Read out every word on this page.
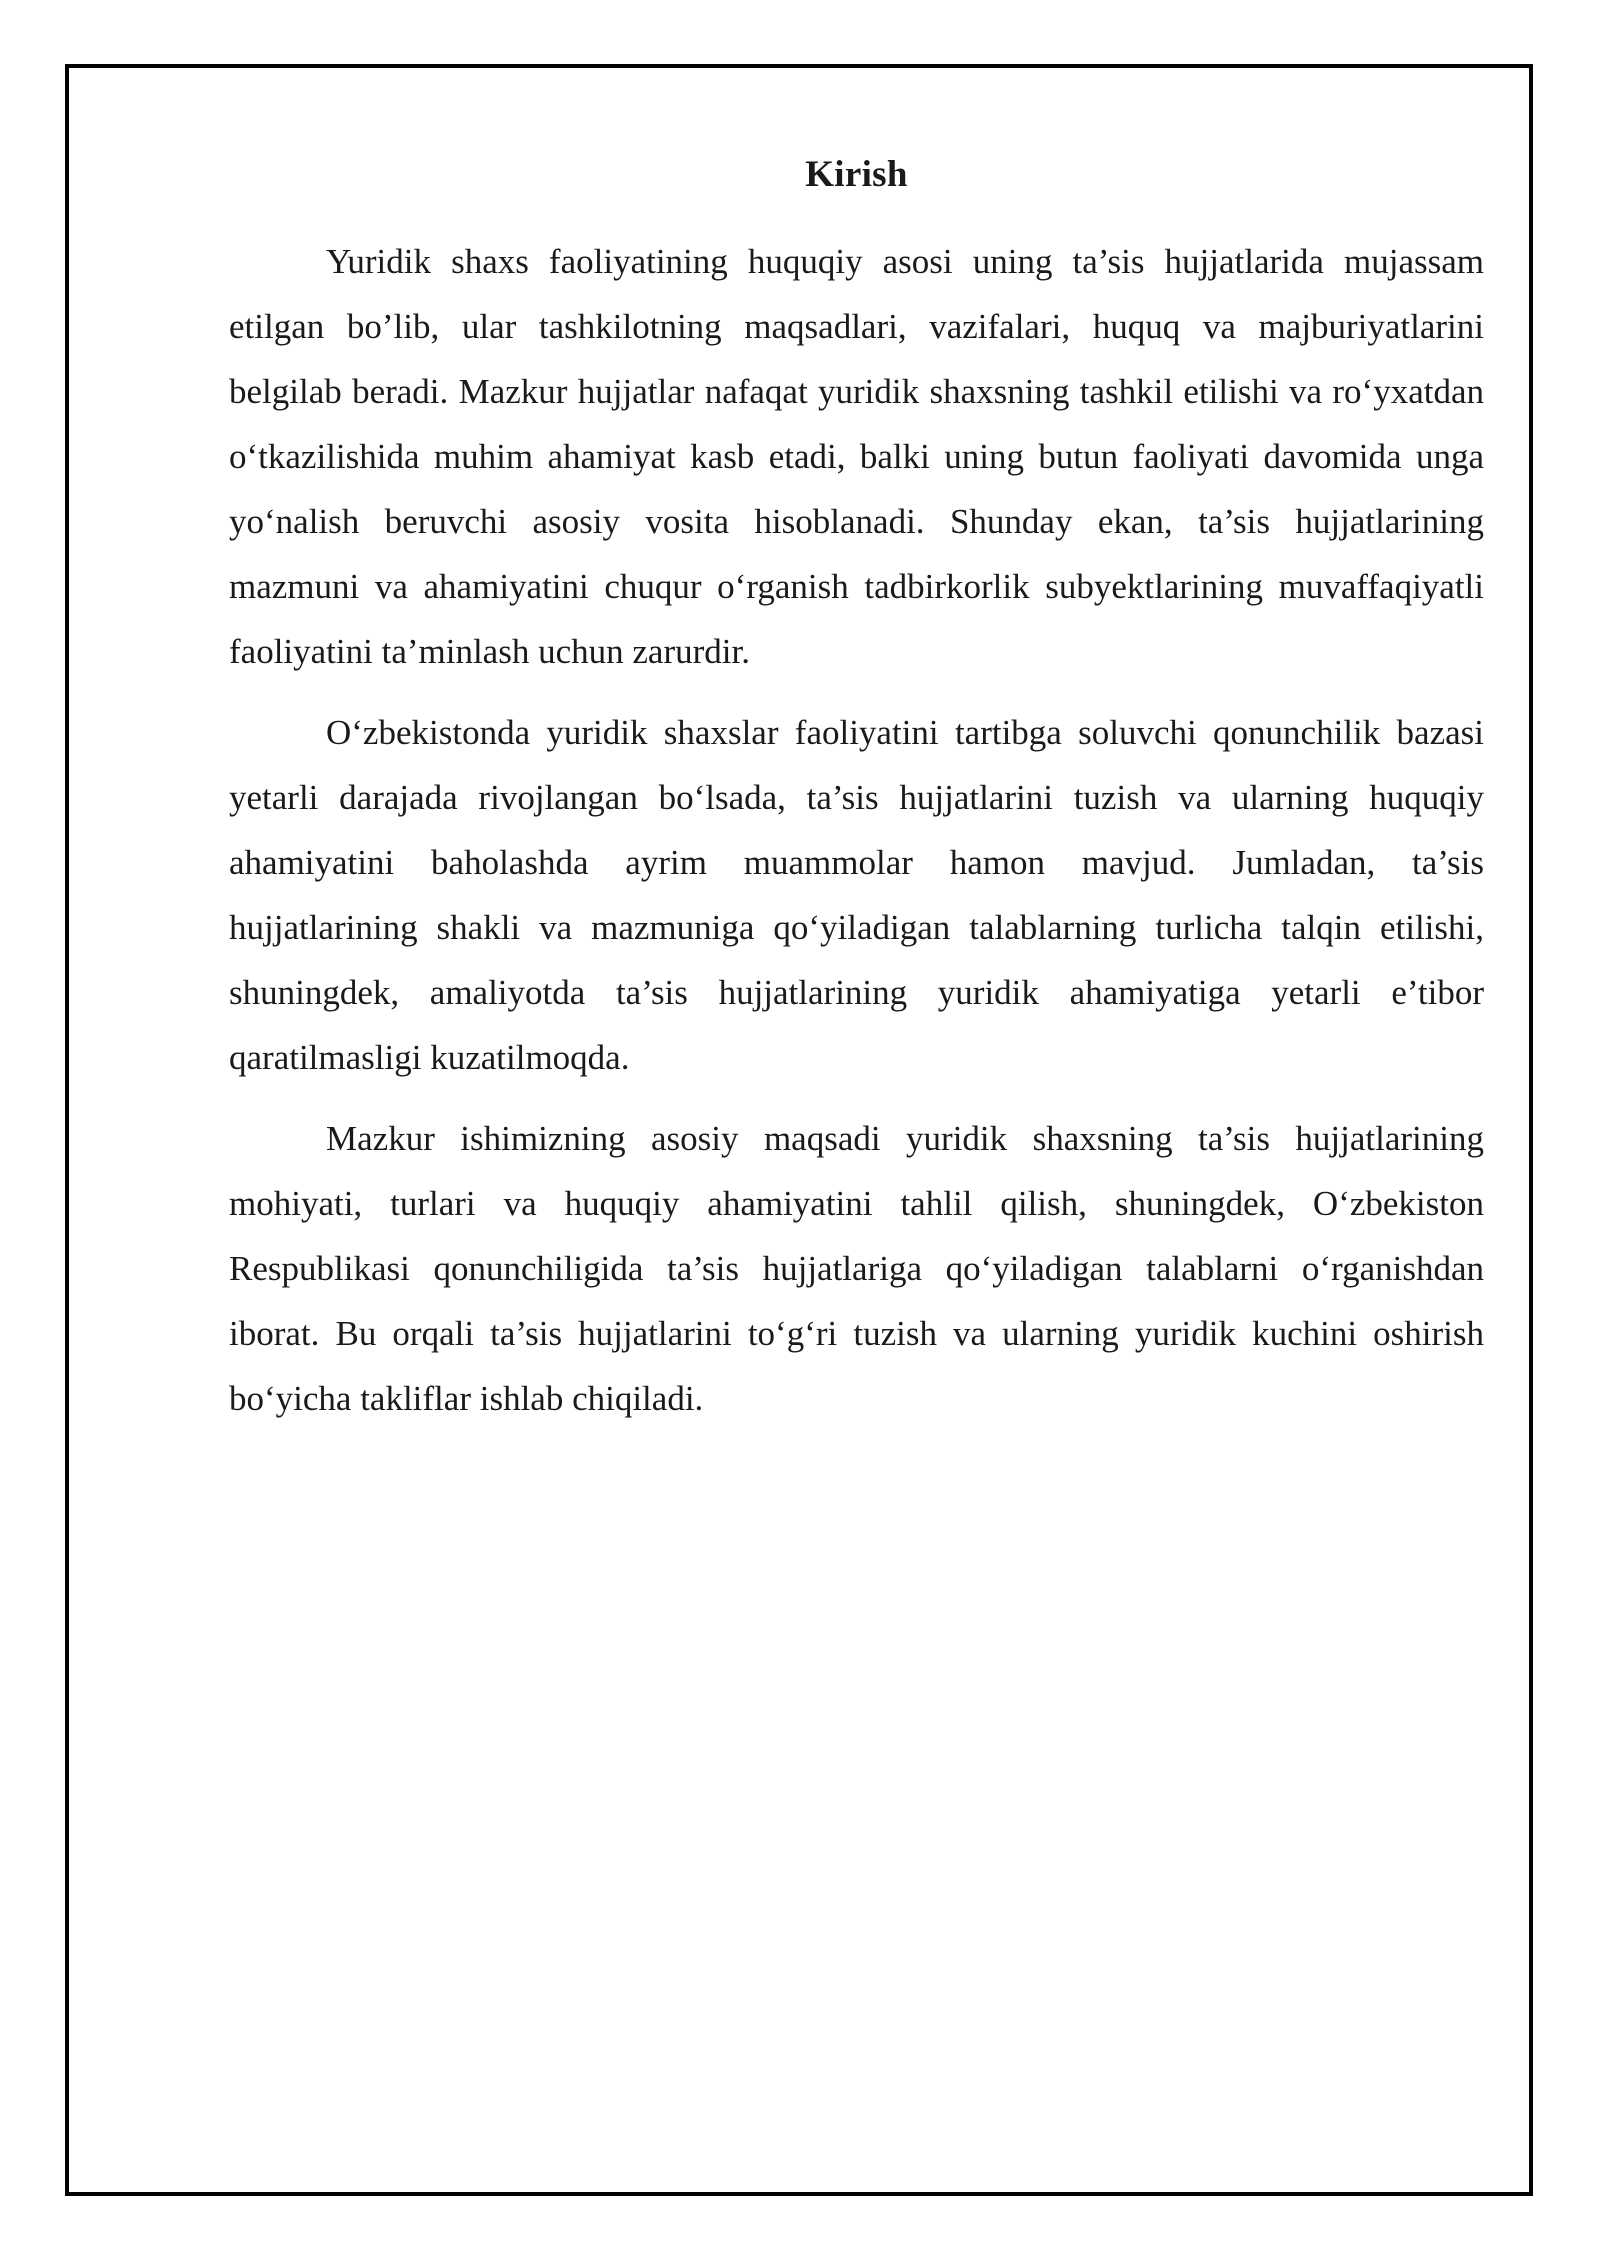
Kirish

Yuridik shaxs faoliyatining huquqiy asosi uning ta’sis hujjatlarida mujassam etilgan bo’lib, ular tashkilotning maqsadlari, vazifalari, huquq va majburiyatlarini belgilab beradi. Mazkur hujjatlar nafaqat yuridik shaxsning tashkil etilishi va ro‘yxatdan o‘tkazilishida muhim ahamiyat kasb etadi, balki uning butun faoliyati davomida unga yo‘nalish beruvchi asosiy vosita hisoblanadi. Shunday ekan, ta’sis hujjatlarining mazmuni va ahamiyatini chuqur o‘rganish tadbirkorlik subyektlarining muvaffaqiyatli faoliyatini ta’minlash uchun zarurdir.

O‘zbekistonda yuridik shaxslar faoliyatini tartibga soluvchi qonunchilik bazasi yetarli darajada rivojlangan bo‘lsada, ta’sis hujjatlarini tuzish va ularning huquqiy ahamiyatini baholashda ayrim muammolar hamon mavjud. Jumladan, ta’sis hujjatlarining shakli va mazmuniga qo‘yiladigan talablarning turlicha talqin etilishi, shuningdek, amaliyotda ta’sis hujjatlarining yuridik ahamiyatiga yetarli e’tibor qaratilmasligi kuzatilmoqda.

Mazkur ishimizning asosiy maqsadi yuridik shaxsning ta’sis hujjatlarining mohiyati, turlari va huquqiy ahamiyatini tahlil qilish, shuningdek, O‘zbekiston Respublikasi qonunchiligida ta’sis hujjatlariga qo‘yiladigan talablarni o‘rganishdan iborat. Bu orqali ta’sis hujjatlarini to‘g‘ri tuzish va ularning yuridik kuchini oshirish bo‘yicha takliflar ishlab chiqiladi.
